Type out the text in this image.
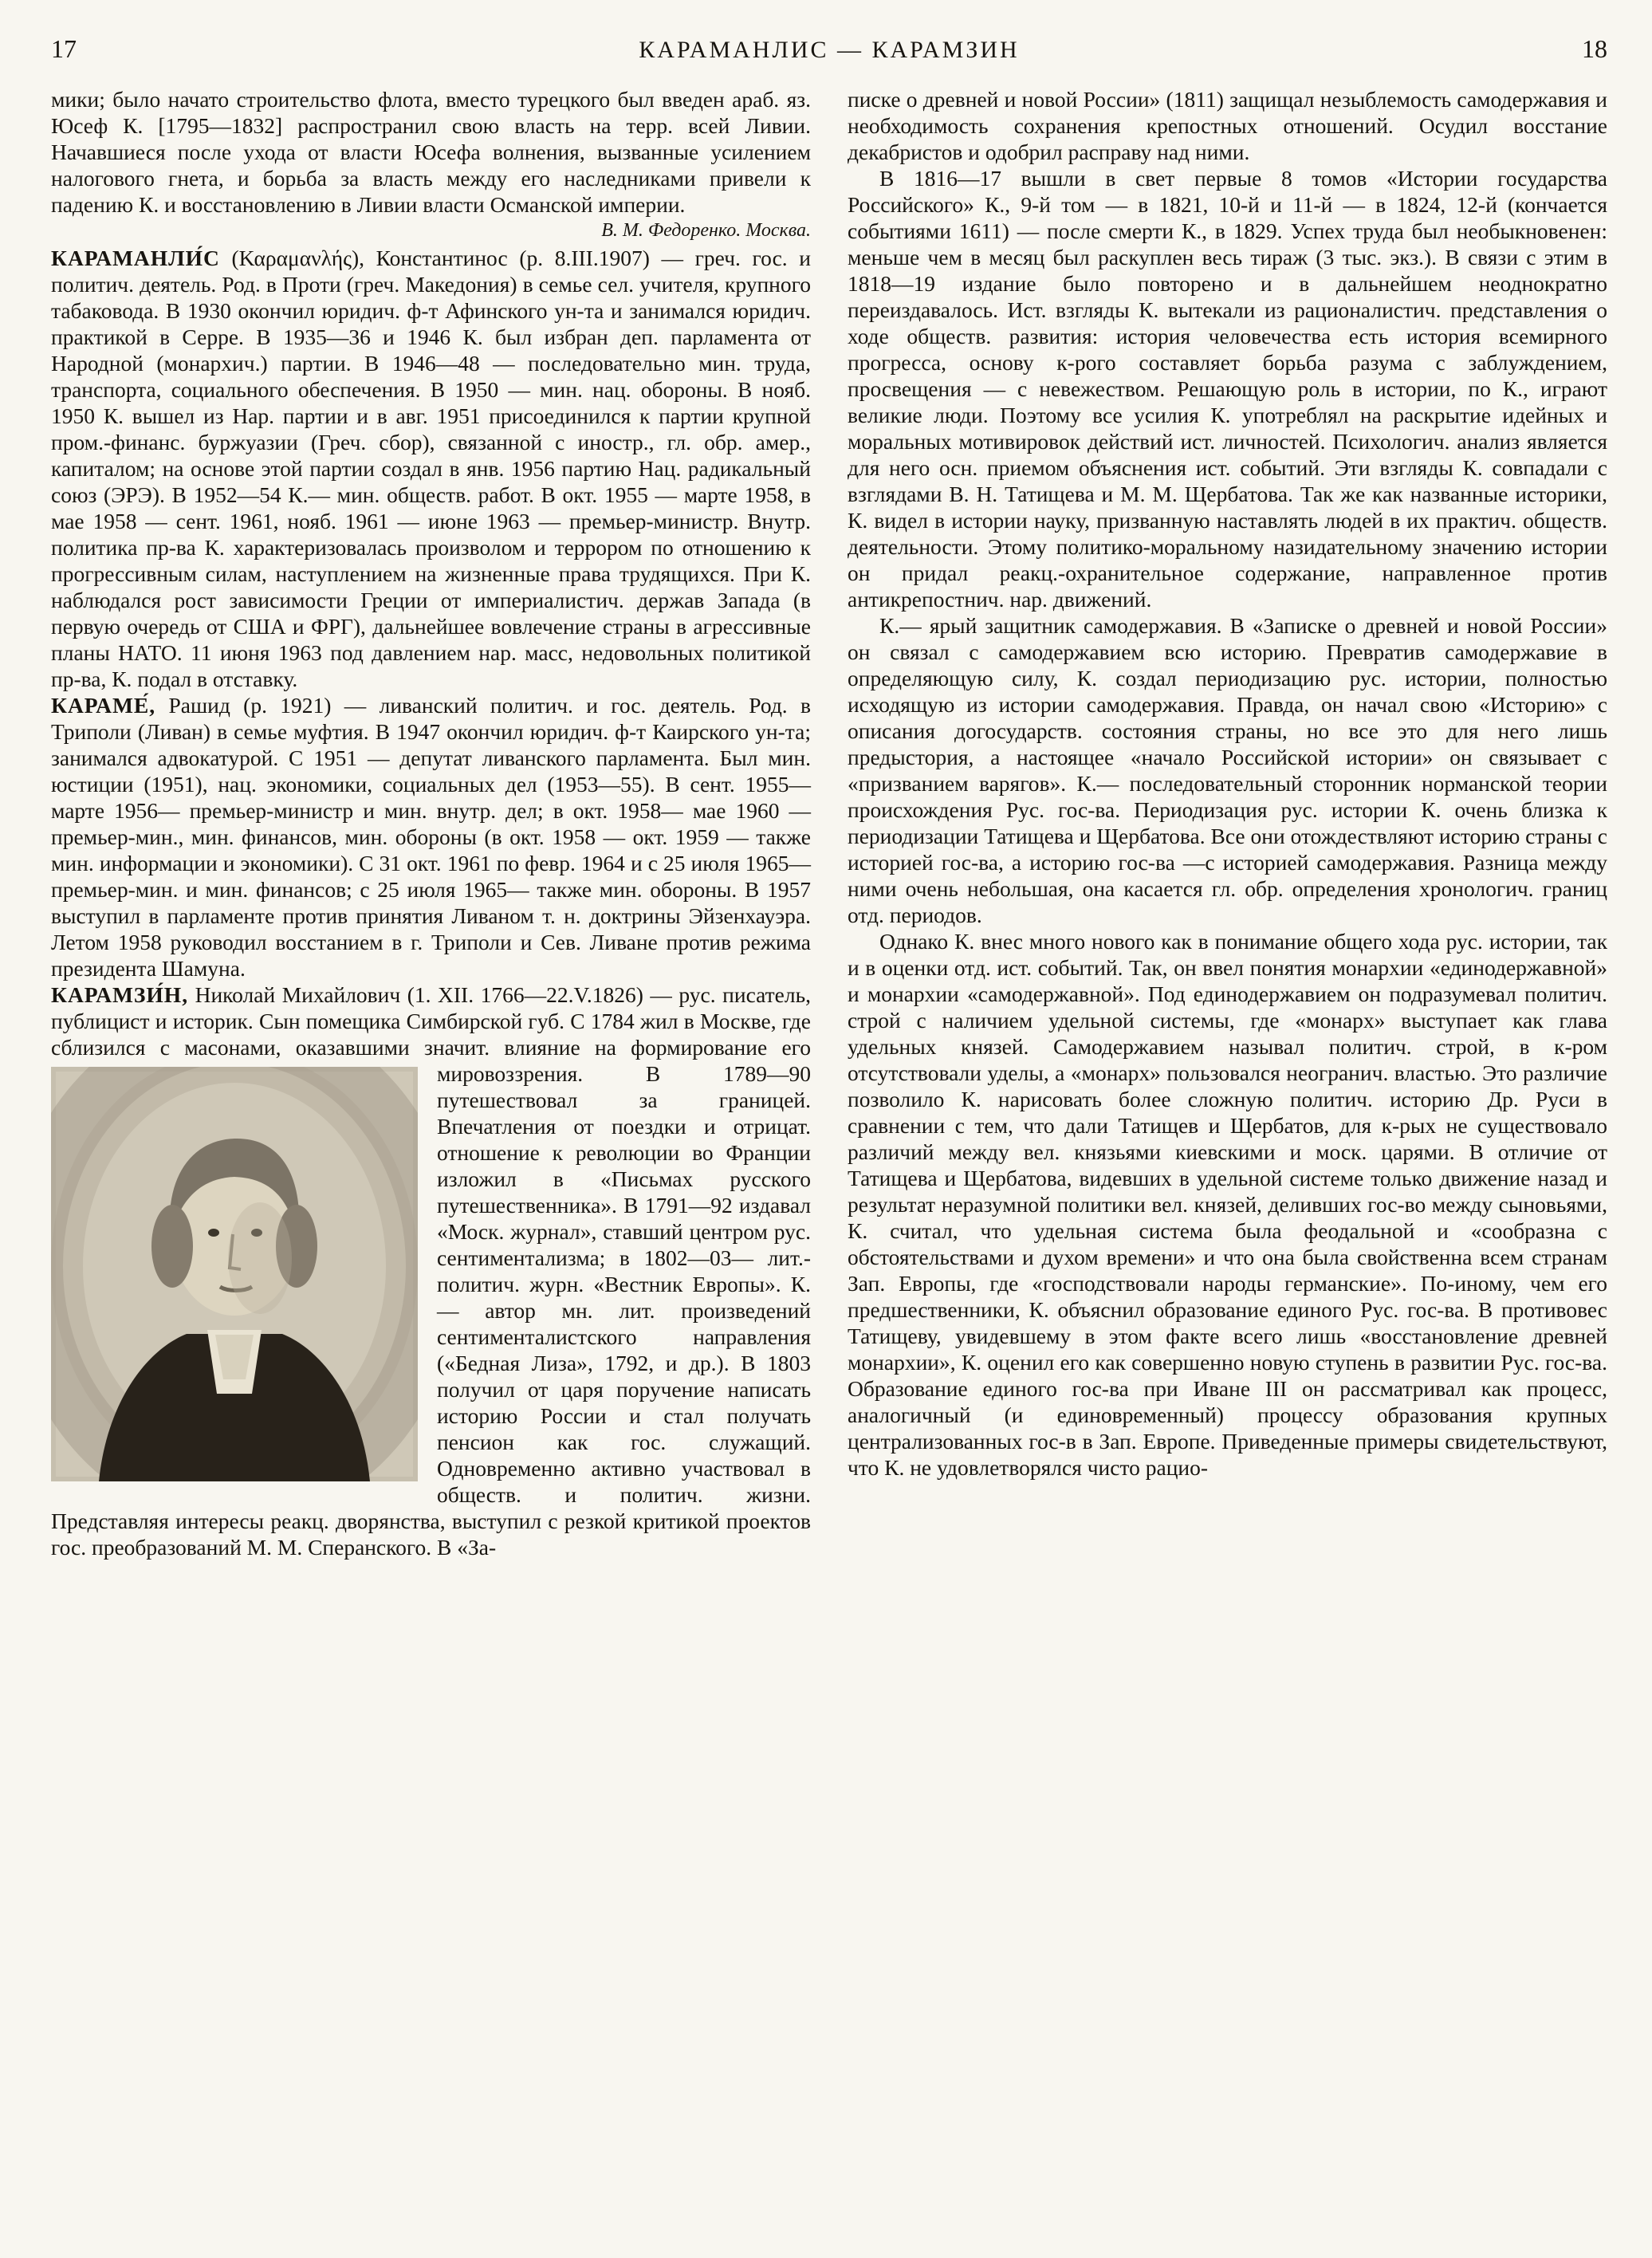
17	КАРАМАНЛИС — КАРАМЗИН	18

мики; было начато строительство флота, вместо турецкого был введен араб. яз. Юсеф К. [1795—1832] распространил свою власть на терр. всей Ливии. Начавшиеся после ухода от власти Юсефа волнения, вызванные усилением налогового гнета, и борьба за власть между его наследниками привели к падению К. и восстановлению в Ливии власти Османской империи.

В. М. Федоренко. Москва.

КАРАМАНЛИ́С (Καραμανλής), Константинос (р. 8.III.1907) — греч. гос. и политич. деятель. Род. в Проти (греч. Македония) в семье сел. учителя, крупного табаковода. В 1930 окончил юридич. ф-т Афинского ун-та и занимался юридич. практикой в Серре. В 1935—36 и 1946 К. был избран деп. парламента от Народной (монархич.) партии. В 1946—48 — последовательно мин. труда, транспорта, социального обеспечения. В 1950 — мин. нац. обороны. В нояб. 1950 К. вышел из Нар. партии и в авг. 1951 присоединился к партии крупной пром.-финанс. буржуазии (Греч. сбор), связанной с иностр., гл. обр. амер., капиталом; на основе этой партии создал в янв. 1956 партию Нац. радикальный союз (ЭРЭ). В 1952—54 К.— мин. обществ. работ. В окт. 1955 — марте 1958, в мае 1958 — сент. 1961, нояб. 1961 — июне 1963 — премьер-министр. Внутр. политика пр-ва К. характеризовалась произволом и террором по отношению к прогрессивным силам, наступлением на жизненные права трудящихся. При К. наблюдался рост зависимости Греции от империалистич. держав Запада (в первую очередь от США и ФРГ), дальнейшее вовлечение страны в агрессивные планы НАТО. 11 июня 1963 под давлением нар. масс, недовольных политикой пр-ва, К. подал в отставку.

КАРАМЕ́, Рашид (р. 1921) — ливанский политич. и гос. деятель. Род. в Триполи (Ливан) в семье муфтия. В 1947 окончил юридич. ф-т Каирского ун-та; занимался адвокатурой. С 1951 — депутат ливанского парламента. Был мин. юстиции (1951), нац. экономики, социальных дел (1953—55). В сент. 1955— марте 1956— премьер-министр и мин. внутр. дел; в окт. 1958— мае 1960 — премьер-мин., мин. финансов, мин. обороны (в окт. 1958 — окт. 1959 — также мин. информации и экономики). С 31 окт. 1961 по февр. 1964 и с 25 июля 1965— премьер-мин. и мин. финансов; с 25 июля 1965— также мин. обороны. В 1957 выступил в парламенте против принятия Ливаном т. н. доктрины Эйзенхауэра. Летом 1958 руководил восстанием в г. Триполи и Сев. Ливане против режима президента Шамуна.

КАРАМЗИ́Н, Николай Михайлович (1. XII. 1766—22.V.1826) — рус. писатель, публицист и историк. Сын помещика Симбирской губ. С 1784 жил в Москве, где сблизился с масонами, оказавшими значит. влияние
на формирование его мировоззрения. В 1789—90 путешествовал за границей. Впечатления от поездки и отрицат. отношение к революции во Франции изложил в «Письмах русского путешественника». В 1791—92 издавал «Моск. журнал», ставший центром рус. сентиментализма; в 1802—03— лит.-политич. журн. «Вестник Европы». К.— автор мн. лит. произведений сентименталистского направления («Бедная Лиза», 1792, и др.). В 1803 получил от царя поручение написать историю России и стал получать пенсион как гос. служащий. Одновременно активно участвовал в обществ. и политич. жизни. Представляя интересы реакц. дворянства, выступил с резкой критикой проектов гос. преобразований М. М. Сперанского. В «За-

писке о древней и новой России» (1811) защищал незыблемость самодержавия и необходимость сохранения крепостных отношений. Осудил восстание декабристов и одобрил расправу над ними.

В 1816—17 вышли в свет первые 8 томов «Истории государства Российского» К., 9-й том — в 1821, 10-й и 11-й — в 1824, 12-й (кончается событиями 1611) — после смерти К., в 1829. Успех труда был необыкновенен: меньше чем в месяц был раскуплен весь тираж (3 тыс. экз.). В связи с этим в 1818—19 издание было повторено и в дальнейшем неоднократно переиздавалось. Ист. взгляды К. вытекали из рационалистич. представления о ходе обществ. развития: история человечества есть история всемирного прогресса, основу к-рого составляет борьба разума с заблуждением, просвещения — с невежеством. Решающую роль в истории, по К., играют великие люди. Поэтому все усилия К. употреблял на раскрытие идейных и моральных мотивировок действий ист. личностей. Психологич. анализ является для него осн. приемом объяснения ист. событий. Эти взгляды К. совпадали с взглядами В. Н. Татищева и М. М. Щербатова. Так же как названные историки, К. видел в истории науку, призванную наставлять людей в их практич. обществ. деятельности. Этому политико-моральному назидательному значению истории он придал реакц.-охранительное содержание, направленное против антикрепостнич. нар. движений.

К.— ярый защитник самодержавия. В «Записке о древней и новой России» он связал с самодержавием всю историю. Превратив самодержавие в определяющую силу, К. создал периодизацию рус. истории, полностью исходящую из истории самодержавия. Правда, он начал свою «Историю» с описания догосударств. состояния страны, но все это для него лишь предыстория, а настоящее «начало Российской истории» он связывает с «призванием варягов». К.— последовательный сторонник норманской теории происхождения Рус. гос-ва. Периодизация рус. истории К. очень близка к периодизации Татищева и Щербатова. Все они отождествляют историю страны с историей гос-ва, а историю гос-ва —с историей самодержавия. Разница между ними очень небольшая, она касается гл. обр. определения хронологич. границ отд. периодов.

Однако К. внес много нового как в понимание общего хода рус. истории, так и в оценки отд. ист. событий. Так, он ввел понятия монархии «единодержавной» и монархии «самодержавной». Под единодержавием он подразумевал политич. строй с наличием удельной системы, где «монарх» выступает как глава удельных князей. Самодержавием называл политич. строй, в к-ром отсутствовали уделы, а «монарх» пользовался неогранич. властью. Это различие позволило К. нарисовать более сложную политич. историю Др. Руси в сравнении с тем, что дали Татищев и Щербатов, для к-рых не существовало различий между вел. князьями киевскими и моск. царями. В отличие от Татищева и Щербатова, видевших в удельной системе только движение назад и результат неразумной политики вел. князей, деливших гос-во между сыновьями, К. считал, что удельная система была феодальной и «сообразна с обстоятельствами и духом времени» и что она была свойственна всем странам Зап. Европы, где «господствовали народы германские». По-иному, чем его предшественники, К. объяснил образование единого Рус. гос-ва. В противовес Татищеву, увидевшему в этом факте всего лишь «восстановление древней монархии», К. оценил его как совершенно новую ступень в развитии Рус. гос-ва. Образование единого гос-ва при Иване III он рассматривал как процесс, аналогичный (и единовременный) процессу образования крупных централизованных гос-в в Зап. Европе. Приведенные примеры свидетельствуют, что К. не удовлетворялся чисто рацио-
